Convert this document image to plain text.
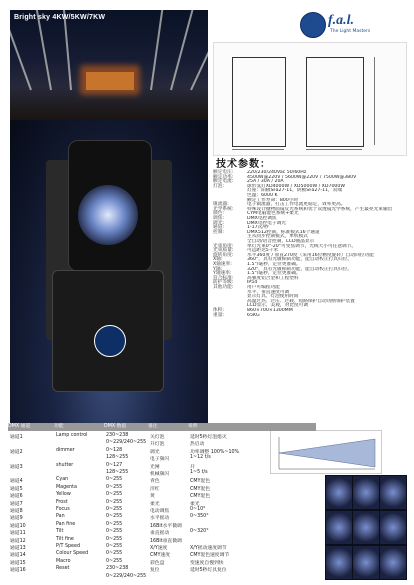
Bright sky 4KW/5KW/7KW	f.a.l.
The Light Masters
技术参数：
额定电压:	220/230/240Vac 50/60Hz
额定功率:	4500W@220V / 5600W@220V / 7500W@380V
额定电流:	25A / 30A / 20A
灯泡:	球形氙灯XD4000W / XD5000W / XD7000W
灯座：阳极SFa27-11，阴极SFa27-11，双端
色温：6000 K
额定工作寿命：800小时
镇流器:	电子镇流器，打击工作电流更稳定，效率更高。
光学系统:	特殊设计抛物面镜反光系统和优于双透镜光学系统，产生最亮光束输出
颜色:	CYM电脑混色系统+柔光
调焦:	DMX电控调焦
调光:	DMX电控电子调光
通道:	1-17次/秒
控制:	DMX512控制，标准模式16个通道
主从同步控制模式，单机模式
全自动/语音控制，LCD液晶显示
光束角度:	单灯光束0°-20°可变焦调节，光线大小可任意调节。
光束质量:	可远距达5千米
旋转角度:	水平360度 / 垂直270度（采用16位精度旋转）自动回位功能
X轴:	360°，具有光敏抑制功能，能自动校正打具归位。
X轴速率:	1.5°/毫秒，定位更准确。
Y轴:	320°，具有光敏抑制功能，能自动校正打具归位。
Y轴速率:	1.5°/毫秒，定位更准确。
符合标准:	高强度铝合金和工程塑料
防护等级:	IP54
其他功能:	用户可编程功能
水平、垂直速度可调
显示灯具、灯泡使用时间
高温过热、过压、过载、短路保护自动功断保护装置
LCD显示，美观，对比度可调
体积:	860×700×1300MM
重量:	65KG
DMX 通道	功能	DMX 数值	备注	说明
通道1	Lamp control	230~238	关灯泡	延时5秒灯泡熄灭
0~229/240~255 开灯泡	热启动
通道2	dimmer	0~128	调光	功率调整 100%~10%
128~255	电子频闪	1~12 t/s
通道3	shutter	0~127	光闸	开
128~255	机械频闪	1~5 t/s
通道4	Cyan	0~255	青色	CMY混色
通道5	Magenta	0~255	洋红	CMY混色
通道6	Yellow	0~255	黄	CMY混色
通道7	Frost	0~255	柔光	柔光
通道8	Focus	0~255	电动调焦	0~10°
通道9	Pan	0~255	水平摇动	0~350°
通道10	Pan fine	0~255	16Bit水平微调
通道11	Tilt	0~255	垂直摇动	0~320°
通道12	Tilt fine	0~255	16Bit垂直微调
通道13	P/T Speed	0~255	X/Y速度	X/Y摇动速度调节
通道14	Colour Speed	0~255	CMY速度	CMY混色速度调节
通道15	Macro	0~255	彩色盘	变速度自慢到快
通道16	Reset	230~238	复位	延时5秒灯具复位
0~229/240~255
